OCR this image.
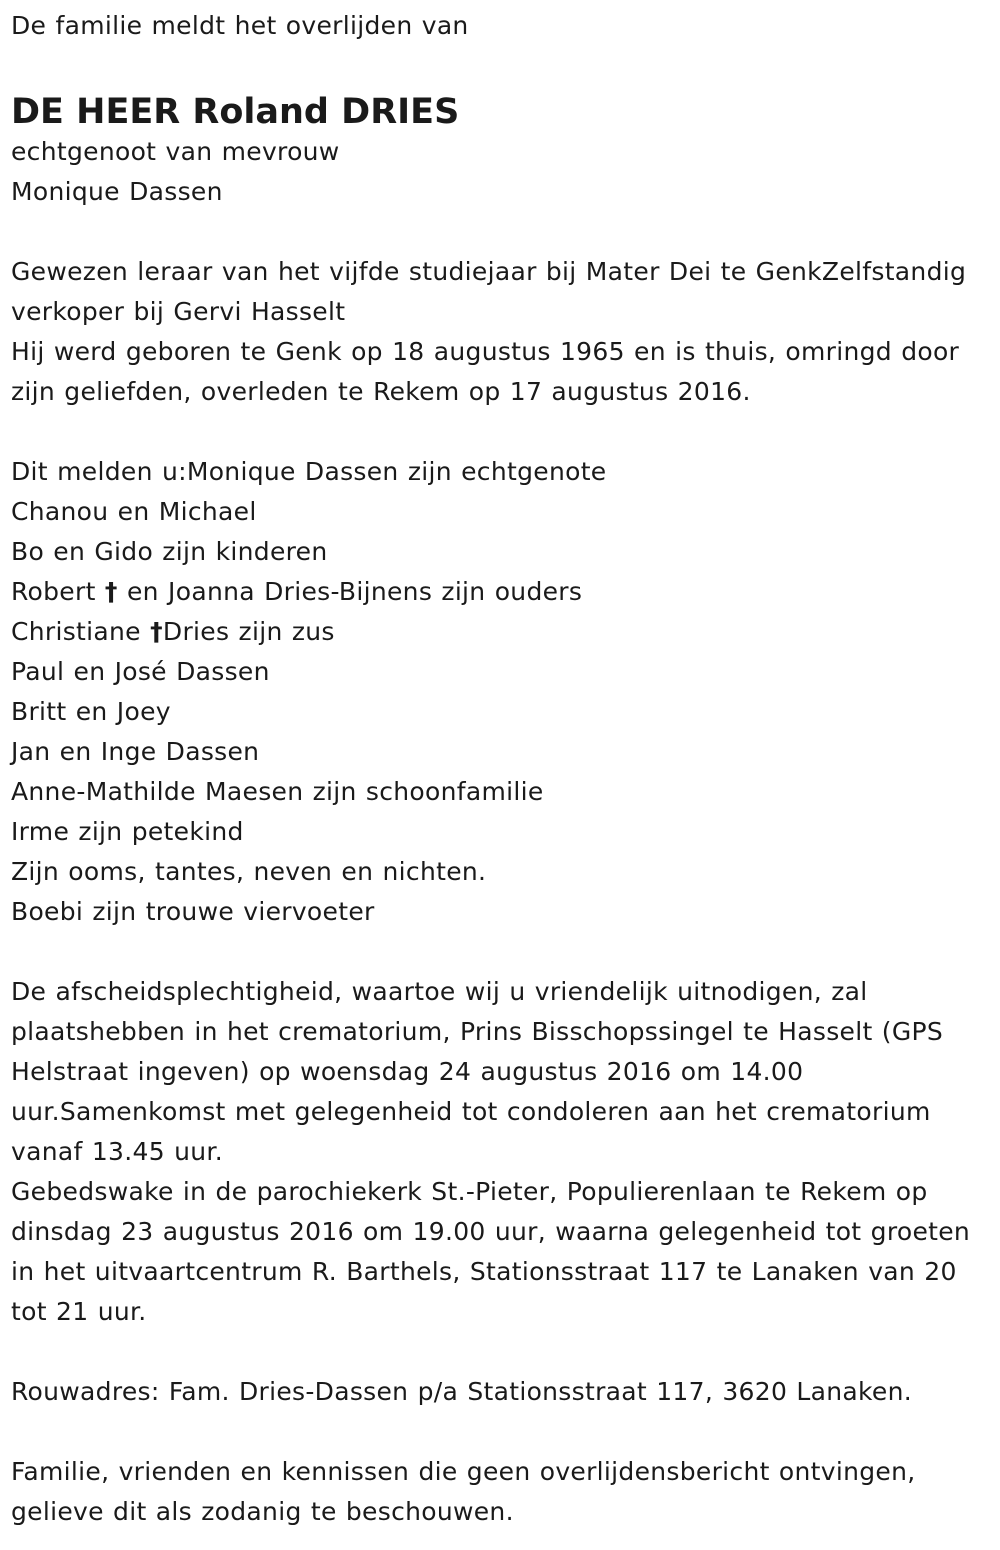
De familie meldt het overlijden van

DE HEER Roland DRIES

echtgenoot van mevrouw

Monique Dassen

Gewezen leraar van het vijfde studiejaar bij Mater Dei te GenkZelfstandig

verkoper bij Gervi Hasselt

Hij werd geboren te Genk op 18 augustus 1965 en is thuis, omringd door

zijn geliefden, overleden te Rekem op 17 augustus 2016.

Dit melden u:Monique Dassen zijn echtgenote

Chanou en Michael

Bo en Gido zijn kinderen

Robert † en Joanna Dries-Bijnens zijn ouders

Christiane †Dries zijn zus

Paul en José Dassen

Britt en Joey

Jan en Inge Dassen

Anne-Mathilde Maesen zijn schoonfamilie

Irme zijn petekind

Zijn ooms, tantes, neven en nichten.

Boebi zijn trouwe viervoeter

De afscheidsplechtigheid, waartoe wij u vriendelijk uitnodigen, zal

plaatshebben in het crematorium, Prins Bisschopssingel te Hasselt (GPS

Helstraat ingeven) op woensdag 24 augustus 2016 om 14.00

uur.Samenkomst met gelegenheid tot condoleren aan het crematorium

vanaf 13.45 uur.

Gebedswake in de parochiekerk St.-Pieter, Populierenlaan te Rekem op

dinsdag 23 augustus 2016 om 19.00 uur, waarna gelegenheid tot groeten

in het uitvaartcentrum R. Barthels, Stationsstraat 117 te Lanaken van 20

tot 21 uur.

Rouwadres: Fam. Dries-Dassen p/a Stationsstraat 117, 3620 Lanaken.

Familie, vrienden en kennissen die geen overlijdensbericht ontvingen,

gelieve dit als zodanig te beschouwen.
